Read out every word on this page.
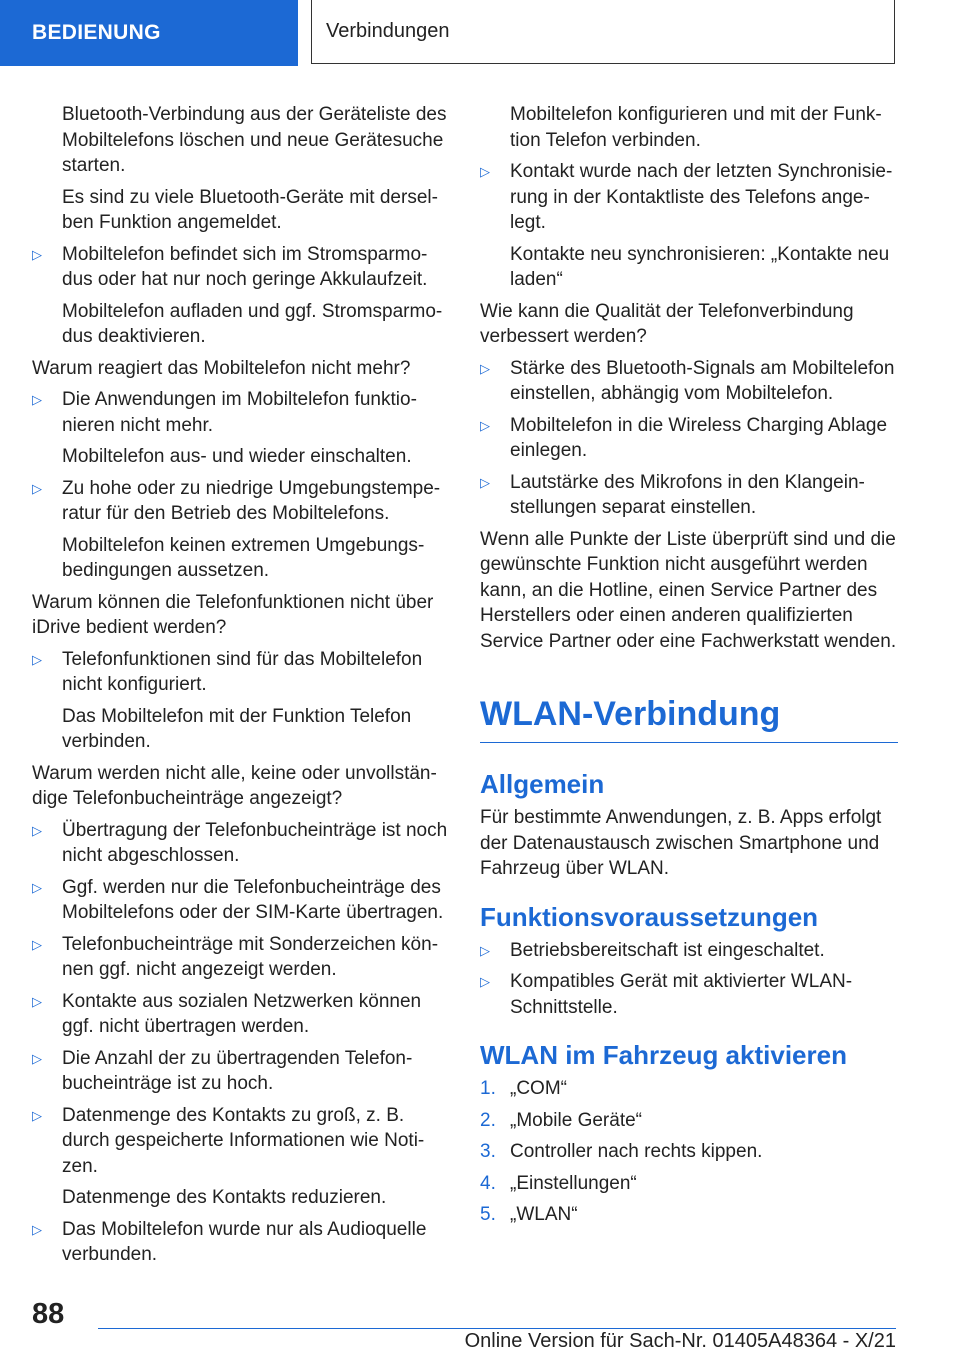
BEDIENUNG	Verbindungen
Bluetooth-Verbindung aus der Geräteliste des Mobiltelefons löschen und neue Gerätesuche starten.
Es sind zu viele Bluetooth-Geräte mit derselben Funktion angemeldet.
▷ Mobiltelefon befindet sich im Stromsparmodus oder hat nur noch geringe Akkulaufzeit.
Mobiltelefon aufladen und ggf. Stromsparmodus deaktivieren.
Warum reagiert das Mobiltelefon nicht mehr?
▷ Die Anwendungen im Mobiltelefon funktionieren nicht mehr.
Mobiltelefon aus- und wieder einschalten.
▷ Zu hohe oder zu niedrige Umgebungstemperatur für den Betrieb des Mobiltelefons.
Mobiltelefon keinen extremen Umgebungsbedingungen aussetzen.
Warum können die Telefonfunktionen nicht über iDrive bedient werden?
▷ Telefonfunktionen sind für das Mobiltelefon nicht konfiguriert.
Das Mobiltelefon mit der Funktion Telefon verbinden.
Warum werden nicht alle, keine oder unvollständige Telefonbucheinträge angezeigt?
▷ Übertragung der Telefonbucheinträge ist noch nicht abgeschlossen.
▷ Ggf. werden nur die Telefonbucheinträge des Mobiltelefons oder der SIM-Karte übertragen.
▷ Telefonbucheinträge mit Sonderzeichen können ggf. nicht angezeigt werden.
▷ Kontakte aus sozialen Netzwerken können ggf. nicht übertragen werden.
▷ Die Anzahl der zu übertragenden Telefonbucheinträge ist zu hoch.
▷ Datenmenge des Kontakts zu groß, z. B. durch gespeicherte Informationen wie Notizen.
Datenmenge des Kontakts reduzieren.
▷ Das Mobiltelefon wurde nur als Audioquelle verbunden.
Mobiltelefon konfigurieren und mit der Funktion Telefon verbinden.
▷ Kontakt wurde nach der letzten Synchronisierung in der Kontaktliste des Telefons angelegt.
Kontakte neu synchronisieren: „Kontakte neu laden“
Wie kann die Qualität der Telefonverbindung verbessert werden?
▷ Stärke des Bluetooth-Signals am Mobiltelefon einstellen, abhängig vom Mobiltelefon.
▷ Mobiltelefon in die Wireless Charging Ablage einlegen.
▷ Lautstärke des Mikrofons in den Klangeinstellungen separat einstellen.
Wenn alle Punkte der Liste überprüft sind und die gewünschte Funktion nicht ausgeführt werden kann, an die Hotline, einen Service Partner des Herstellers oder einen anderen qualifizierten Service Partner oder eine Fachwerkstatt wenden.
WLAN-Verbindung
Allgemein
Für bestimmte Anwendungen, z. B. Apps erfolgt der Datenaustausch zwischen Smartphone und Fahrzeug über WLAN.
Funktionsvoraussetzungen
▷ Betriebsbereitschaft ist eingeschaltet.
▷ Kompatibles Gerät mit aktivierter WLAN-Schnittstelle.
WLAN im Fahrzeug aktivieren
1. „COM“
2. „Mobile Geräte“
3. Controller nach rechts kippen.
4. „Einstellungen“
5. „WLAN“
88
Online Version für Sach-Nr. 01405A48364 - X/21
